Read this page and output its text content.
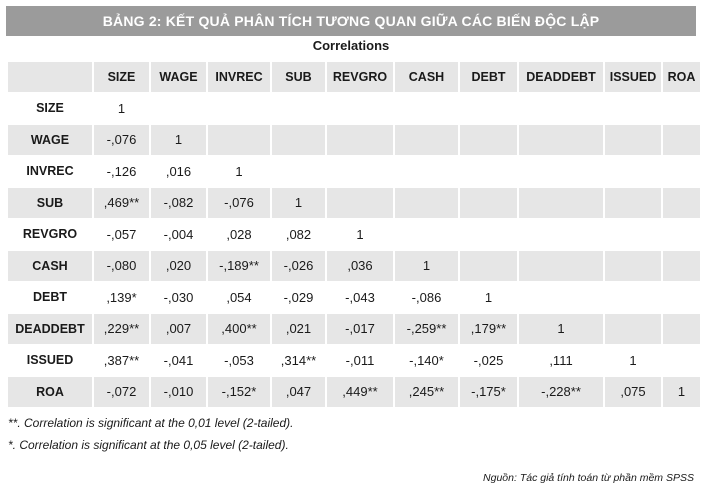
BẢNG 2: KẾT QUẢ PHÂN TÍCH TƯƠNG QUAN GIỮA CÁC BIẾN ĐỘC LẬP
Correlations
	SIZE	WAGE	INVREC	SUB	REVGRO	CASH	DEBT	DEADDEBT	ISSUED	ROA
SIZE	1									
WAGE	-,076	1								
INVREC	-,126	,016	1							
SUB	,469**	-,082	-,076	1						
REVGRO	-,057	-,004	,028	,082	1					
CASH	-,080	,020	-,189**	-,026	,036	1				
DEBT	,139*	-,030	,054	-,029	-,043	-,086	1			
DEADDEBT	,229**	,007	,400**	,021	-,017	-,259**	,179**	1		
ISSUED	,387**	-,041	-,053	,314**	-,011	-,140*	-,025	,111	1	
ROA	-,072	-,010	-,152*	,047	,449**	,245**	-,175*	-,228**	,075	1
**. Correlation is significant at the 0,01 level (2-tailed).
*. Correlation is significant at the 0,05 level (2-tailed).
Nguồn: Tác giả tính toán từ phần mềm SPSS
